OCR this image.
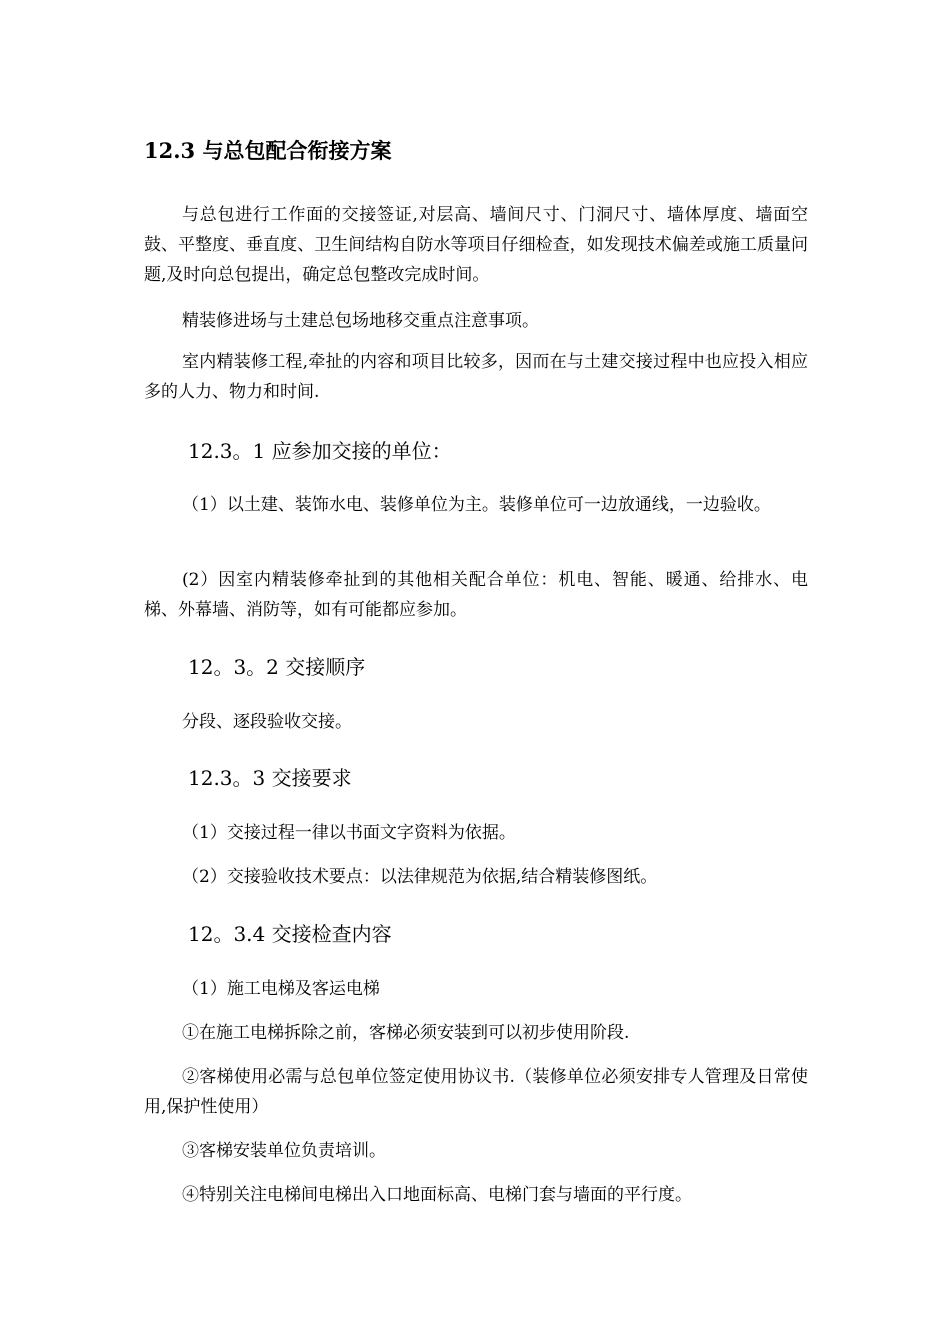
12.3 与总包配合衔接方案
与总包进行工作面的交接签证,对层高、墙间尺寸、门洞尺寸、墙体厚度、墙面空鼓、平整度、垂直度、卫生间结构自防水等项目仔细检查，如发现技术偏差或施工质量问题,及时向总包提出，确定总包整改完成时间。
精装修进场与土建总包场地移交重点注意事项。
室内精装修工程,牵扯的内容和项目比较多，因而在与土建交接过程中也应投入相应多的人力、物力和时间.
12.3。1 应参加交接的单位：
（1）以土建、装饰水电、装修单位为主。装修单位可一边放通线，一边验收。
(2）因室内精装修牵扯到的其他相关配合单位：机电、智能、暖通、给排水、电梯、外幕墙、消防等，如有可能都应参加。
12。3。2 交接顺序
分段、逐段验收交接。
12.3。3 交接要求
（1）交接过程一律以书面文字资料为依据。
（2）交接验收技术要点：以法律规范为依据,结合精装修图纸。
12。3.4 交接检查内容
（1）施工电梯及客运电梯
①在施工电梯拆除之前，客梯必须安装到可以初步使用阶段.
②客梯使用必需与总包单位签定使用协议书.（装修单位必须安排专人管理及日常使用,保护性使用）
③客梯安装单位负责培训。
④特别关注电梯间电梯出入口地面标高、电梯门套与墙面的平行度。
